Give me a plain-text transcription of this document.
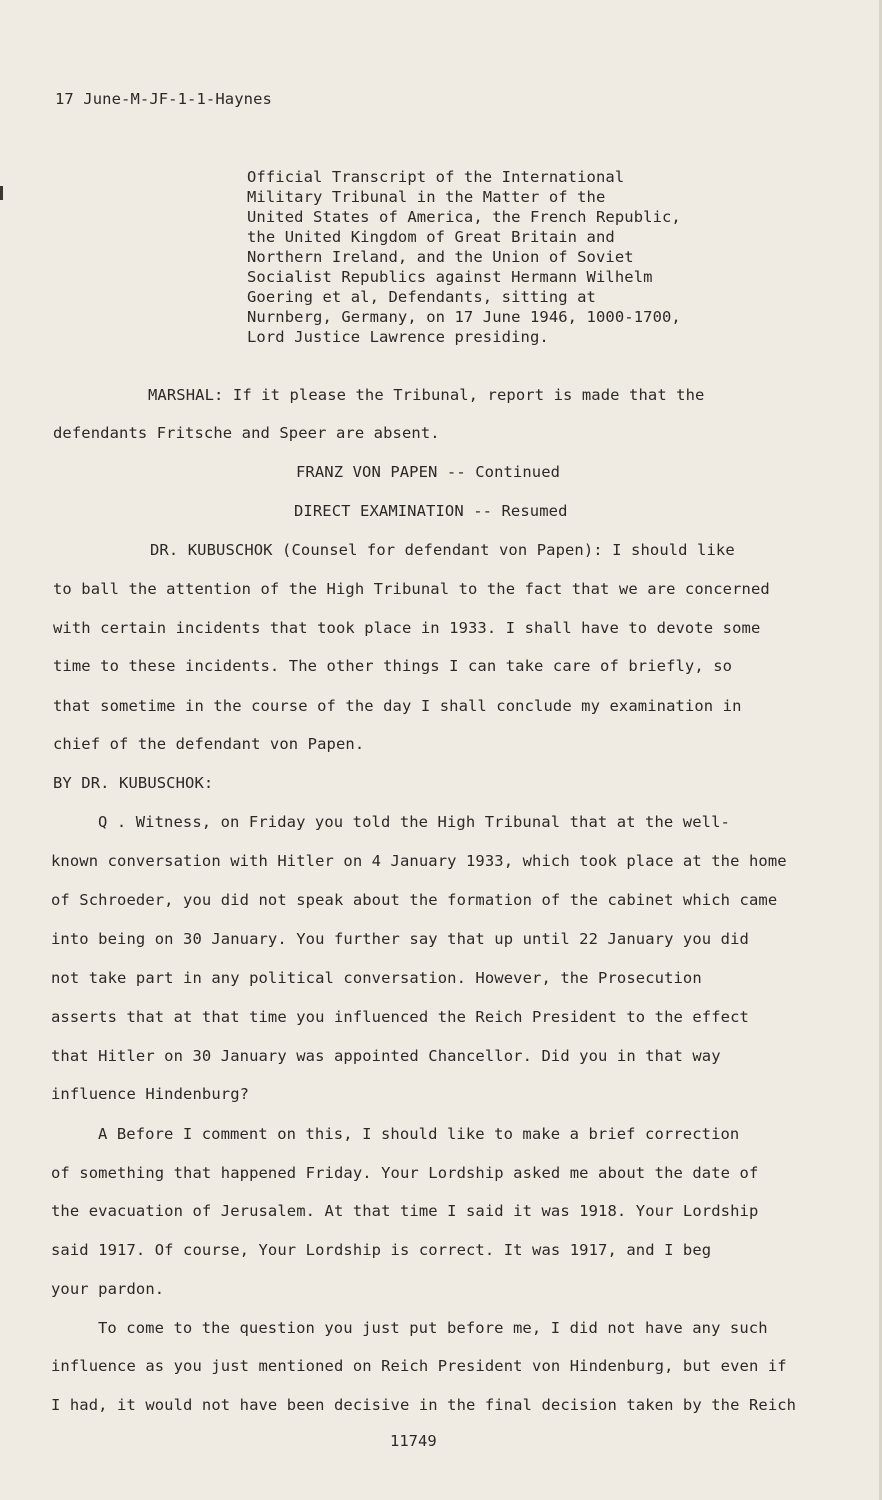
17 June-M-JF-1-1-Haynes
Official Transcript of the International
Military Tribunal in the Matter of the
United States of America, the French Republic,
the United Kingdom of Great Britain and
Northern Ireland, and the Union of Soviet
Socialist Republics against Hermann Wilhelm
Goering et al, Defendants, sitting at
Nurnberg, Germany, on 17 June 1946, 1000-1700,
Lord Justice Lawrence presiding.
MARSHAL: If it please the Tribunal, report is made that the
defendants Fritsche and Speer are absent.
FRANZ VON PAPEN -- Continued
DIRECT EXAMINATION -- Resumed
DR. KUBUSCHOK (Counsel for defendant von Papen): I should like
to ball the attention of the High Tribunal to the fact that we are concerned
with certain incidents that took place in 1933. I shall have to devote some
time to these incidents. The other things I can take care of briefly, so
that sometime in the course of the day I shall conclude my examination in
chief of the defendant von Papen.
BY DR. KUBUSCHOK:
Q . Witness, on Friday you told the High Tribunal that at the well-
known conversation with Hitler on 4 January 1933, which took place at the home
of Schroeder, you did not speak about the formation of the cabinet which came
into being on 30 January. You further say that up until 22 January you did
not take part in any political conversation. However, the Prosecution
asserts that at that time you influenced the Reich President to the effect
that Hitler on 30 January was appointed Chancellor. Did you in that way
influence Hindenburg?
A Before I comment on this, I should like to make a brief correction
of something that happened Friday. Your Lordship asked me about the date of
the evacuation of Jerusalem. At that time I said it was 1918. Your Lordship
said 1917. Of course, Your Lordship is correct. It was 1917, and I beg
your pardon.
To come to the question you just put before me, I did not have any such
influence as you just mentioned on Reich President von Hindenburg, but even if
I had, it would not have been decisive in the final decision taken by the Reich
11749
